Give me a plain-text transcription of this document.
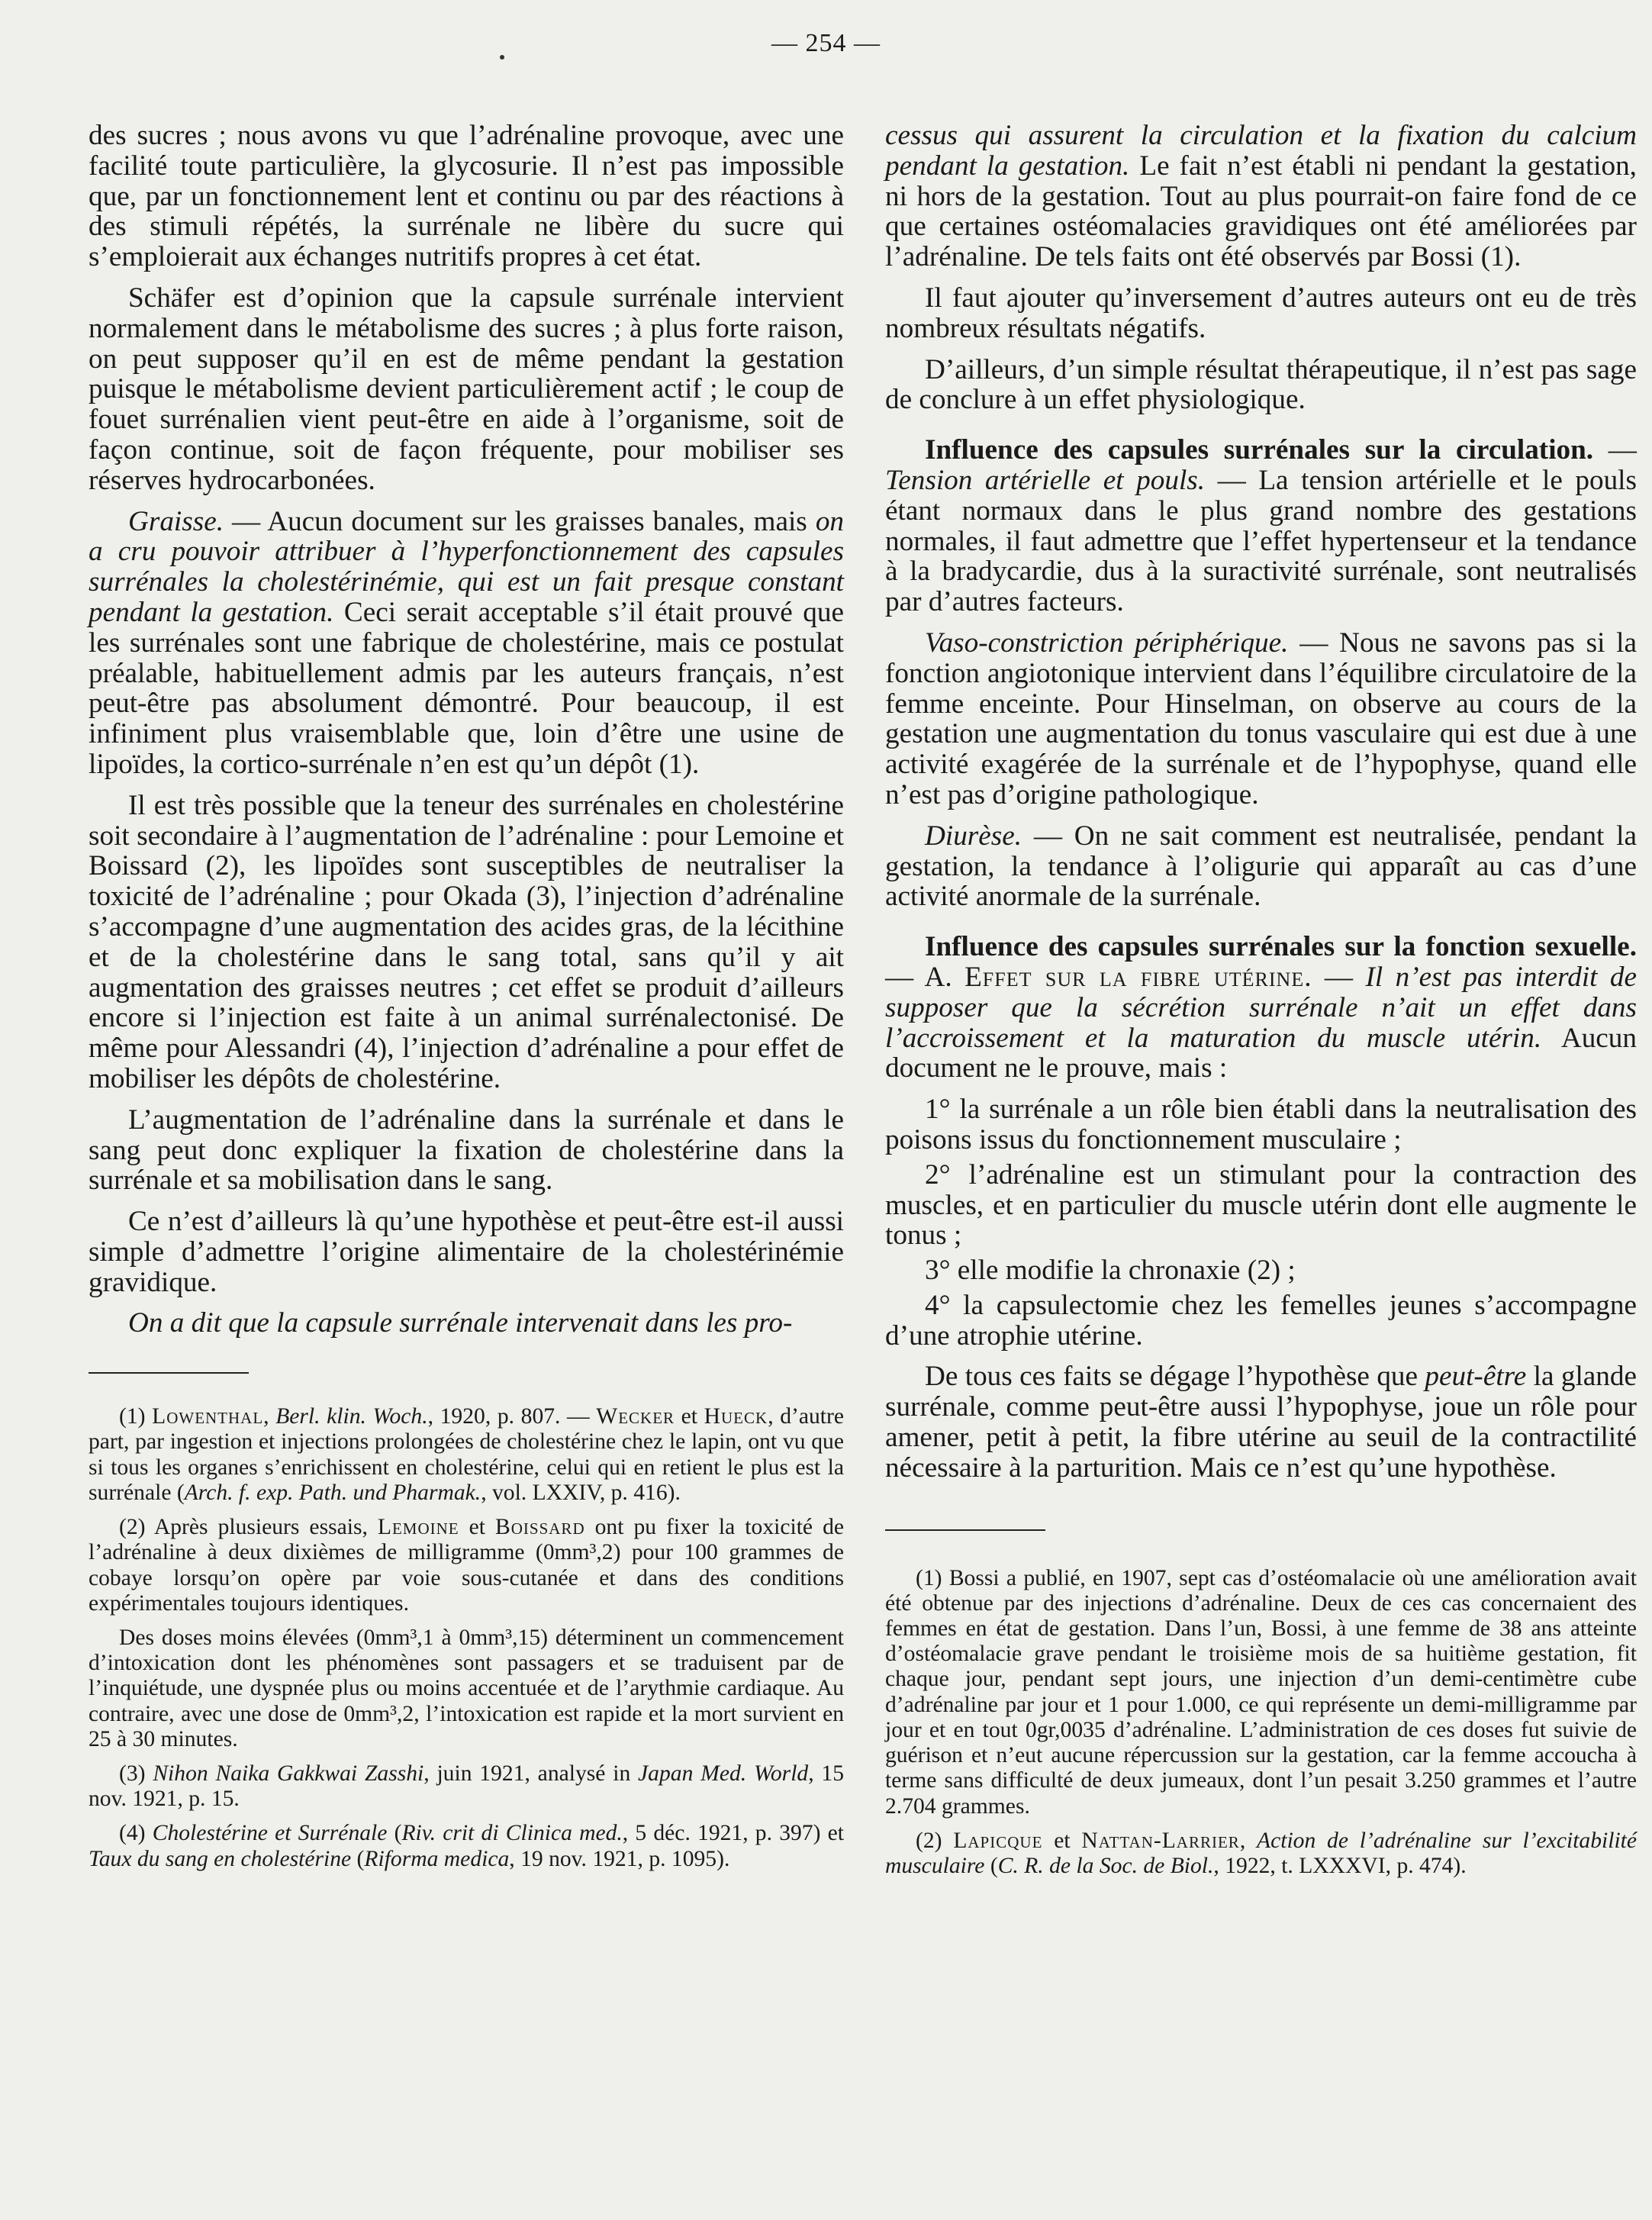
— 254 —

des sucres ; nous avons vu que l’adrénaline provoque, avec une facilité toute particulière, la glycosurie. Il n’est pas impossible que, par un fonctionnement lent et continu ou par des réactions à des stimuli répétés, la surrénale ne libère du sucre qui s’emploierait aux échanges nutritifs propres à cet état.

Schäfer est d’opinion que la capsule surrénale intervient normalement dans le métabolisme des sucres ; à plus forte raison, on peut supposer qu’il en est de même pendant la gestation puisque le métabolisme devient particulièrement actif ; le coup de fouet surrénalien vient peut-être en aide à l’organisme, soit de façon continue, soit de façon fréquente, pour mobiliser ses réserves hydrocarbonées.

Graisse. — Aucun document sur les graisses banales, mais on a cru pouvoir attribuer à l’hyperfonctionnement des capsules surrénales la cholestérinémie, qui est un fait presque constant pendant la gestation. Ceci serait acceptable s’il était prouvé que les surrénales sont une fabrique de cholestérine, mais ce postulat préalable, habituellement admis par les auteurs français, n’est peut-être pas absolument démontré. Pour beaucoup, il est infiniment plus vraisemblable que, loin d’être une usine de lipoïdes, la cortico-surrénale n’en est qu’un dépôt (1).

Il est très possible que la teneur des surrénales en cholestérine soit secondaire à l’augmentation de l’adrénaline : pour Lemoine et Boissard (2), les lipoïdes sont susceptibles de neutraliser la toxicité de l’adrénaline ; pour Okada (3), l’injection d’adrénaline s’accompagne d’une augmentation des acides gras, de la lécithine et de la cholestérine dans le sang total, sans qu’il y ait augmentation des graisses neutres ; cet effet se produit d’ailleurs encore si l’injection est faite à un animal surrénalectonisé. De même pour Alessandri (4), l’injection d’adrénaline a pour effet de mobiliser les dépôts de cholestérine.

L’augmentation de l’adrénaline dans la surrénale et dans le sang peut donc expliquer la fixation de cholestérine dans la surrénale et sa mobilisation dans le sang.

Ce n’est d’ailleurs là qu’une hypothèse et peut-être est-il aussi simple d’admettre l’origine alimentaire de la cholestérinémie gravidique.

On a dit que la capsule surrénale intervenait dans les pro-

(1) Lowenthal, Berl. klin. Woch., 1920, p. 807. — Wecker et Hueck, d’autre part, par ingestion et injections prolongées de cholestérine chez le lapin, ont vu que si tous les organes s’enrichissent en cholestérine, celui qui en retient le plus est la surrénale (Arch. f. exp. Path. und Pharmak., vol. LXXIV, p. 416).

(2) Après plusieurs essais, Lemoine et Boissard ont pu fixer la toxicité de l’adrénaline à deux dixièmes de milligramme (0mm³,2) pour 100 grammes de cobaye lorsqu’on opère par voie sous-cutanée et dans des conditions expérimentales toujours identiques.

Des doses moins élevées (0mm³,1 à 0mm³,15) déterminent un commencement d’intoxication dont les phénomènes sont passagers et se traduisent par de l’inquiétude, une dyspnée plus ou moins accentuée et de l’arythmie cardiaque. Au contraire, avec une dose de 0mm³,2, l’intoxication est rapide et la mort survient en 25 à 30 minutes.

(3) Nihon Naika Gakkwai Zasshi, juin 1921, analysé in Japan Med. World, 15 nov. 1921, p. 15.

(4) Cholestérine et Surrénale (Riv. crit di Clinica med., 5 déc. 1921, p. 397) et Taux du sang en cholestérine (Riforma medica, 19 nov. 1921, p. 1095).

cessus qui assurent la circulation et la fixation du calcium pendant la gestation. Le fait n’est établi ni pendant la gestation, ni hors de la gestation. Tout au plus pourrait-on faire fond de ce que certaines ostéomalacies gravidiques ont été améliorées par l’adrénaline. De tels faits ont été observés par Bossi (1).

Il faut ajouter qu’inversement d’autres auteurs ont eu de très nombreux résultats négatifs.

D’ailleurs, d’un simple résultat thérapeutique, il n’est pas sage de conclure à un effet physiologique.

Influence des capsules surrénales sur la circulation. — Tension artérielle et pouls. — La tension artérielle et le pouls étant normaux dans le plus grand nombre des gestations normales, il faut admettre que l’effet hypertenseur et la tendance à la bradycardie, dus à la suractivité surrénale, sont neutralisés par d’autres facteurs.

Vaso-constriction périphérique. — Nous ne savons pas si la fonction angiotonique intervient dans l’équilibre circulatoire de la femme enceinte. Pour Hinselman, on observe au cours de la gestation une augmentation du tonus vasculaire qui est due à une activité exagérée de la surrénale et de l’hypophyse, quand elle n’est pas d’origine pathologique.

Diurèse. — On ne sait comment est neutralisée, pendant la gestation, la tendance à l’oligurie qui apparaît au cas d’une activité anormale de la surrénale.

Influence des capsules surrénales sur la fonction sexuelle. — A. Effet sur la fibre utérine. — Il n’est pas interdit de supposer que la sécrétion surrénale n’ait un effet dans l’accroissement et la maturation du muscle utérin. Aucun document ne le prouve, mais :

1° la surrénale a un rôle bien établi dans la neutralisation des poisons issus du fonctionnement musculaire ;

2° l’adrénaline est un stimulant pour la contraction des muscles, et en particulier du muscle utérin dont elle augmente le tonus ;

3° elle modifie la chronaxie (2) ;

4° la capsulectomie chez les femelles jeunes s’accompagne d’une atrophie utérine.

De tous ces faits se dégage l’hypothèse que peut-être la glande surrénale, comme peut-être aussi l’hypophyse, joue un rôle pour amener, petit à petit, la fibre utérine au seuil de la contractilité nécessaire à la parturition. Mais ce n’est qu’une hypothèse.

(1) Bossi a publié, en 1907, sept cas d’ostéomalacie où une amélioration avait été obtenue par des injections d’adrénaline. Deux de ces cas concernaient des femmes en état de gestation. Dans l’un, Bossi, à une femme de 38 ans atteinte d’ostéomalacie grave pendant le troisième mois de sa huitième gestation, fit chaque jour, pendant sept jours, une injection d’un demi-centimètre cube d’adrénaline par jour et 1 pour 1.000, ce qui représente un demi-milligramme par jour et en tout 0gr,0035 d’adrénaline. L’administration de ces doses fut suivie de guérison et n’eut aucune répercussion sur la gestation, car la femme accoucha à terme sans difficulté de deux jumeaux, dont l’un pesait 3.250 grammes et l’autre 2.704 grammes.

(2) Lapicque et Nattan-Larrier, Action de l’adrénaline sur l’excitabilité musculaire (C. R. de la Soc. de Biol., 1922, t. LXXXVI, p. 474).
